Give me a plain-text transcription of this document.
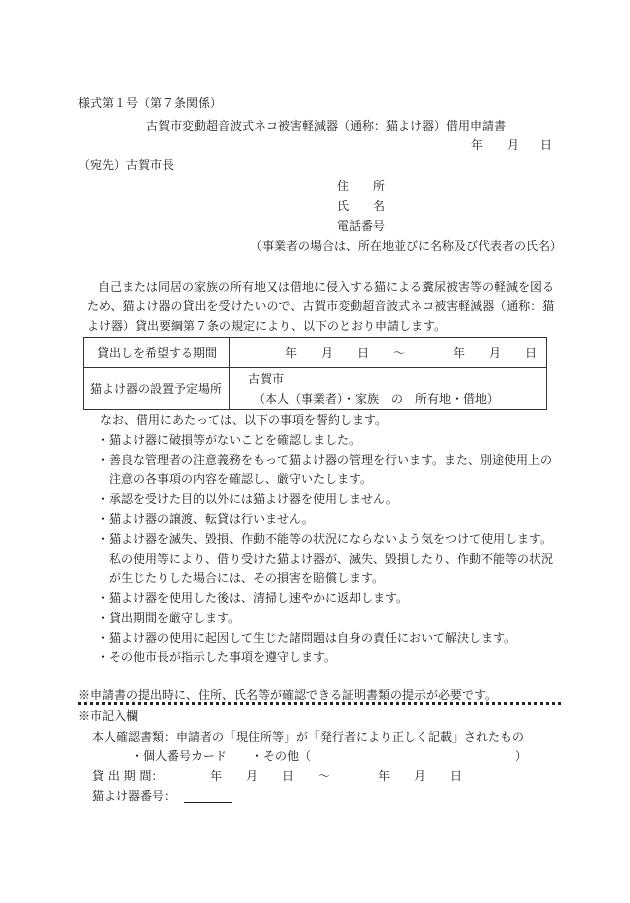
様式第１号（第７条関係）
古賀市変動超音波式ネコ被害軽減器（通称：猫よけ器）借用申請書
年 月 日
（宛先）古賀市長
住　　所
氏　　名
電話番号
（事業者の場合は、所在地並びに名称及び代表者の氏名）
自己または同居の家族の所有地又は借地に侵入する猫による糞尿被害等の軽減を図る
ため、猫よけ器の貸出を受けたいので、古賀市変動超音波式ネコ被害軽減器（通称：猫
よけ器）貸出要綱第７条の規定により、以下のとおり申請します。
貸出しを希望する期間	年　　月　　日　　〜　　　　年　　月　　日
猫よけ器の設置予定場所
古賀市
（本人（事業者）・家族　の　所有地・借地）
なお、借用にあたっては、以下の事項を誓約します。
・猫よけ器に破損等がないことを確認しました。
・善良な管理者の注意義務をもって猫よけ器の管理を行います。また、別途使用上の
　注意の各事項の内容を確認し、厳守いたします。
・承認を受けた目的以外には猫よけ器を使用しません。
・猫よけ器の譲渡、転貸は行いません。
・猫よけ器を滅失、毀損、作動不能等の状況にならないよう気をつけて使用します。
　私の使用等により、借り受けた猫よけ器が、滅失、毀損したり、作動不能等の状況
　が生じたりした場合には、その損害を賠償します。
・猫よけ器を使用した後は、清掃し速やかに返却します。
・貸出期間を厳守します。
・猫よけ器の使用に起因して生じた諸問題は自身の責任において解決します。
・その他市長が指示した事項を遵守します。
※申請書の提出時に、住所、氏名等が確認できる証明書類の提示が必要です。
※市記入欄
本人確認書類：申請者の「現住所等」が「発行者により正しく記載」されたもの
・個人番号カード　　・その他（　　　　　　　　　　　　　　　　　）
貸 出 期 間：	年　　月　　日　　〜　　　　年　　月　　日
猫よけ器番号：
